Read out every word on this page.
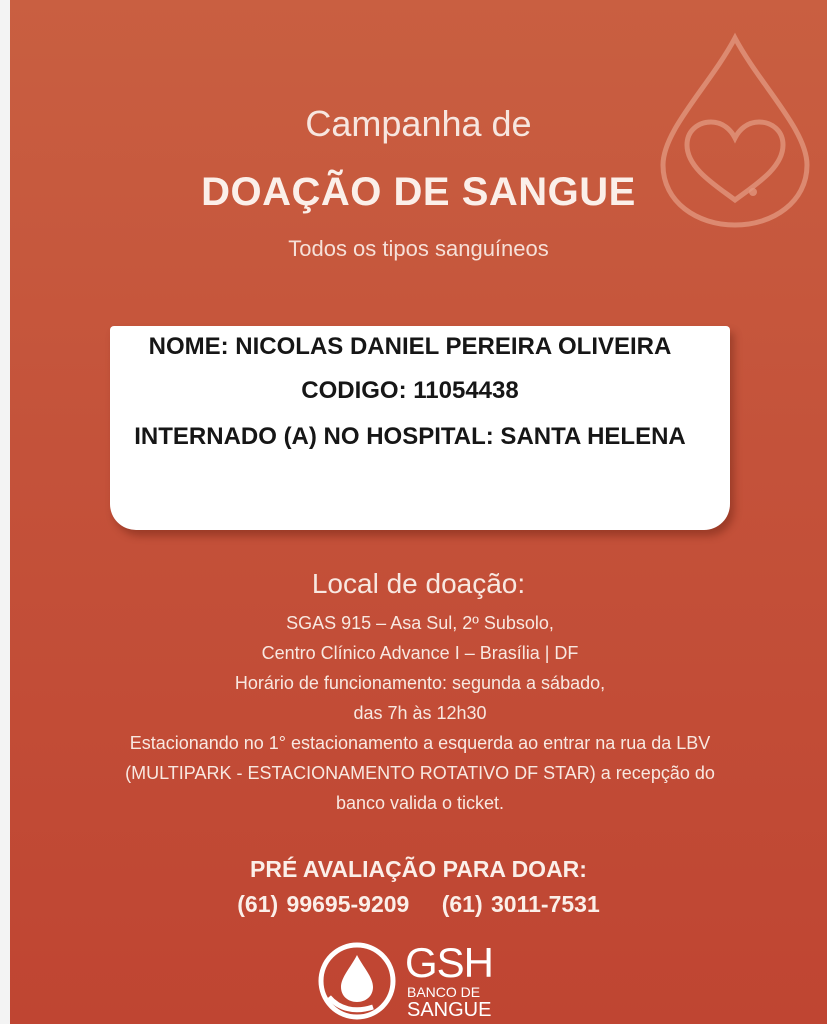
Campanha de
DOAÇÃO DE SANGUE
Todos os tipos sanguíneos
NOME: NICOLAS DANIEL PEREIRA OLIVEIRA
CODIGO: 11054438
INTERNADO (A) NO HOSPITAL: SANTA HELENA
Local de doação:
SGAS 915 – Asa Sul, 2º Subsolo,
Centro Clínico Advance I – Brasília | DF
Horário de funcionamento: segunda a sábado,
das 7h às 12h30
Estacionando no 1° estacionamento a esquerda ao entrar na rua da LBV
(MULTIPARK - ESTACIONAMENTO ROTATIVO DF STAR) a recepção do
banco valida o ticket.
PRÉ AVALIAÇÃO PARA DOAR:
(61) 99695-9209 (61) 3011-7531
GSH
BANCO DE
SANGUE
